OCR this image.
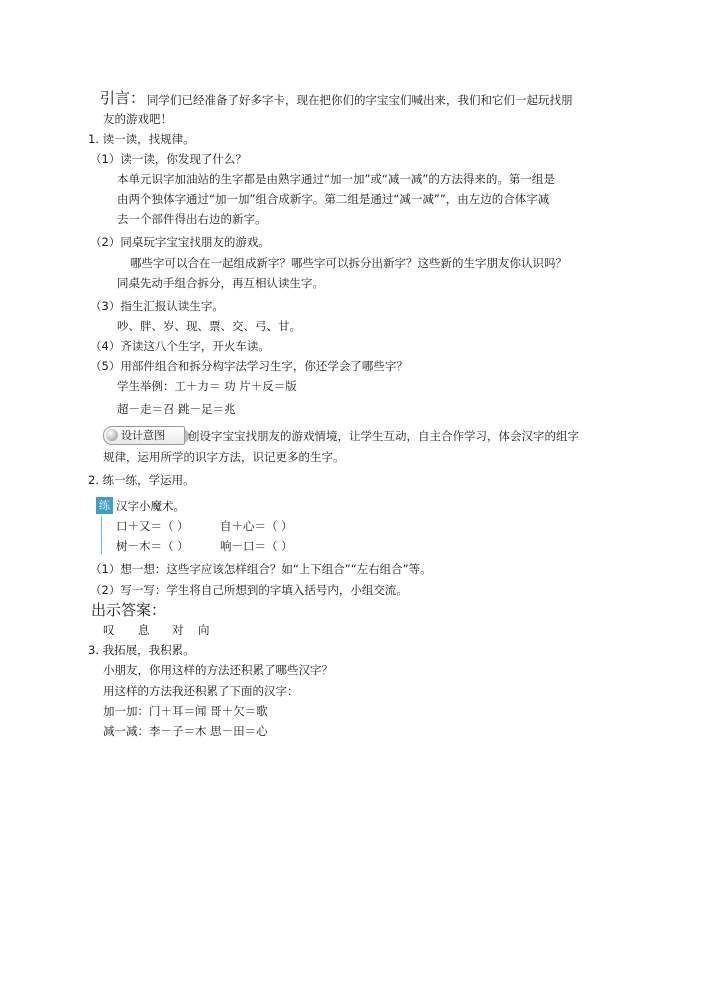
引言： 同学们已经准备了好多字卡，现在把你们的字宝宝们喊出来，我们和它们一起玩找朋
友的游戏吧！
1. 读一读，找规律。
（1）读一读，你发现了什么？
本单元识字加油站的生字都是由熟字通过“加一加”或“减一减”的方法得来的。第一组是
由两个独体字通过“加一加”组合成新字。第二组是通过“减一减””，由左边的合体字减
去一个部件得出右边的新字。
（2）同桌玩字宝宝找朋友的游戏。
哪些字可以合在一起组成新字？哪些字可以拆分出新字？这些新的生字朋友你认识吗？
同桌先动手组合拆分，再互相认读生字。
（3）指生汇报认读生字。
吵、胖、岁、现、票、交、弓、甘。
（4）齐读这八个生字，开火车读。
（5）用部件组合和拆分构字法学习生字，你还学会了哪些字？
学生举例：工＋力＝ 功 片＋反＝版
超－走＝召 跳－足＝兆
设计意图 创设字宝宝找朋友的游戏情境，让学生互动，自主合作学习，体会汉字的组字
规律，运用所学的识字方法，识记更多的生字。
2. 练一练，学运用。
练 汉字小魔术。
口＋又＝（ ）	自＋心＝（ ）
树－木＝（ ）	响－口＝（ ）
（1）想一想：这些字应该怎样组合？如“上下组合”“左右组合”等。
（2）写一写：学生将自己所想到的字填入括号内，小组交流。
出示答案：
叹 息 对 向
3. 我拓展，我积累。
小朋友，你用这样的方法还积累了哪些汉字？
用这样的方法我还积累了下面的汉字：
加一加：门＋耳＝闻 哥＋欠＝歌
减一减：李－子＝木 思－田＝心
